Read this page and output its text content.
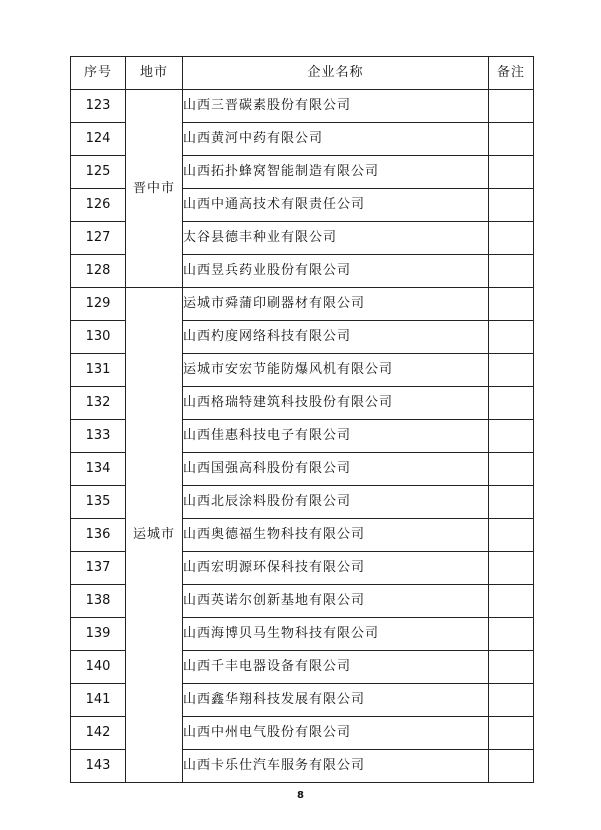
序号	地市	企业名称	备注
123	晋中市	山西三晋碳素股份有限公司	
124		山西黄河中药有限公司	
125		山西拓扑蜂窝智能制造有限公司	
126		山西中通高技术有限责任公司	
127		太谷县德丰种业有限公司	
128		山西昱兵药业股份有限公司	
129	运城市	运城市舜蒲印刷器材有限公司	
130		山西杓度网络科技有限公司	
131		运城市安宏节能防爆风机有限公司	
132		山西格瑞特建筑科技股份有限公司	
133		山西佳惠科技电子有限公司	
134		山西国强高科股份有限公司	
135		山西北辰涂料股份有限公司	
136		山西奥德福生物科技有限公司	
137		山西宏明源环保科技有限公司	
138		山西英诺尔创新基地有限公司	
139		山西海博贝马生物科技有限公司	
140		山西千丰电器设备有限公司	
141		山西鑫华翔科技发展有限公司	
142		山西中州电气股份有限公司	
143		山西卡乐仕汽车服务有限公司	
8
